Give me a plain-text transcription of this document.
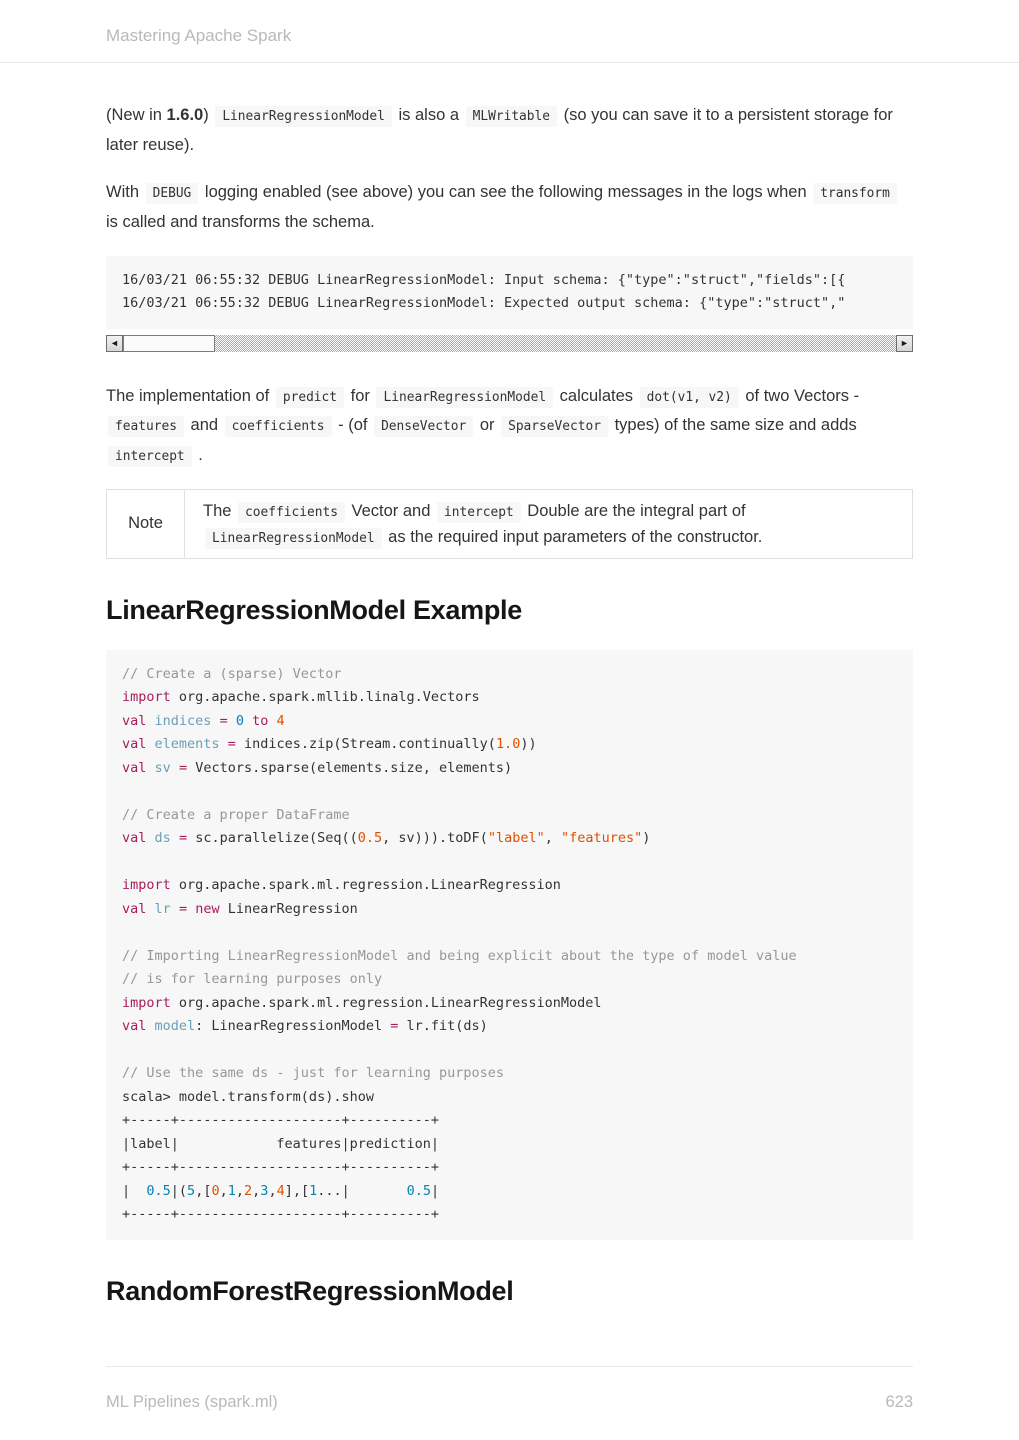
Mastering Apache Spark

(New in 1.6.0) LinearRegressionModel is also a MLWritable (so you can save it to a persistent storage for later reuse).

With DEBUG logging enabled (see above) you can see the following messages in the logs when transform is called and transforms the schema.

16/03/21 06:55:32 DEBUG LinearRegressionModel: Input schema: {"type":"struct","fields":[{
16/03/21 06:55:32 DEBUG LinearRegressionModel: Expected output schema: {"type":"struct","
◄	►

The implementation of predict for LinearRegressionModel calculates dot(v1, v2) of two Vectors - features and coefficients - (of DenseVector or SparseVector types) of the same size and adds intercept .

Note
The coefficients Vector and intercept Double are the integral part of LinearRegressionModel as the required input parameters of the constructor.
LinearRegressionModel Example
// Create a (sparse) Vector
import org.apache.spark.mllib.linalg.Vectors
val indices = 0 to 4
val elements = indices.zip(Stream.continually(1.0))
val sv = Vectors.sparse(elements.size, elements)

// Create a proper DataFrame
val ds = sc.parallelize(Seq((0.5, sv))).toDF("label", "features")

import org.apache.spark.ml.regression.LinearRegression
val lr = new LinearRegression

// Importing LinearRegressionModel and being explicit about the type of model value
// is for learning purposes only
import org.apache.spark.ml.regression.LinearRegressionModel
val model: LinearRegressionModel = lr.fit(ds)

// Use the same ds - just for learning purposes
scala> model.transform(ds).show
+-----+--------------------+----------+
|label|            features|prediction|
+-----+--------------------+----------+
|  0.5|(5,[0,1,2,3,4],[1...|       0.5|
+-----+--------------------+----------+
RandomForestRegressionModel
ML Pipelines (spark.ml)	623
